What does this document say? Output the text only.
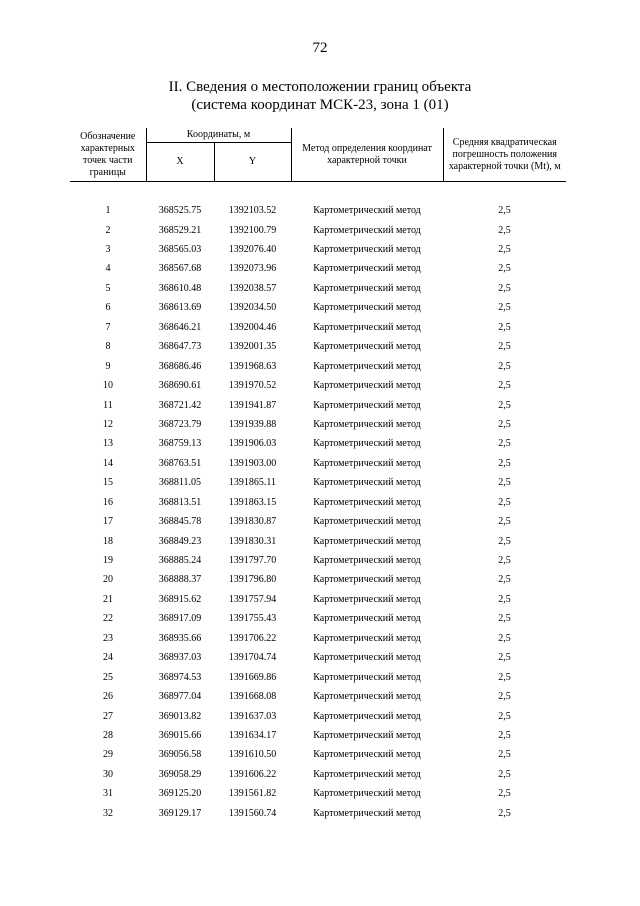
72
II. Сведения о местоположении границ объекта
(система координат МСК-23, зона 1 (01)
Обозначение характерных точек части границы	Координаты, м		Метод определения координат характерной точки	Средняя квадратическая погрешность положения характерной точки (Mt), м
	X	Y		

1	368525.75	1392103.52	Картометрический метод	2,5
2	368529.21	1392100.79	Картометрический метод	2,5
3	368565.03	1392076.40	Картометрический метод	2,5
4	368567.68	1392073.96	Картометрический метод	2,5
5	368610.48	1392038.57	Картометрический метод	2,5
6	368613.69	1392034.50	Картометрический метод	2,5
7	368646.21	1392004.46	Картометрический метод	2,5
8	368647.73	1392001.35	Картометрический метод	2,5
9	368686.46	1391968.63	Картометрический метод	2,5
10	368690.61	1391970.52	Картометрический метод	2,5
11	368721.42	1391941.87	Картометрический метод	2,5
12	368723.79	1391939.88	Картометрический метод	2,5
13	368759.13	1391906.03	Картометрический метод	2,5
14	368763.51	1391903.00	Картометрический метод	2,5
15	368811.05	1391865.11	Картометрический метод	2,5
16	368813.51	1391863.15	Картометрический метод	2,5
17	368845.78	1391830.87	Картометрический метод	2,5
18	368849.23	1391830.31	Картометрический метод	2,5
19	368885.24	1391797.70	Картометрический метод	2,5
20	368888.37	1391796.80	Картометрический метод	2,5
21	368915.62	1391757.94	Картометрический метод	2,5
22	368917.09	1391755.43	Картометрический метод	2,5
23	368935.66	1391706.22	Картометрический метод	2,5
24	368937.03	1391704.74	Картометрический метод	2,5
25	368974.53	1391669.86	Картометрический метод	2,5
26	368977.04	1391668.08	Картометрический метод	2,5
27	369013.82	1391637.03	Картометрический метод	2,5
28	369015.66	1391634.17	Картометрический метод	2,5
29	369056.58	1391610.50	Картометрический метод	2,5
30	369058.29	1391606.22	Картометрический метод	2,5
31	369125.20	1391561.82	Картометрический метод	2,5
32	369129.17	1391560.74	Картометрический метод	2,5
